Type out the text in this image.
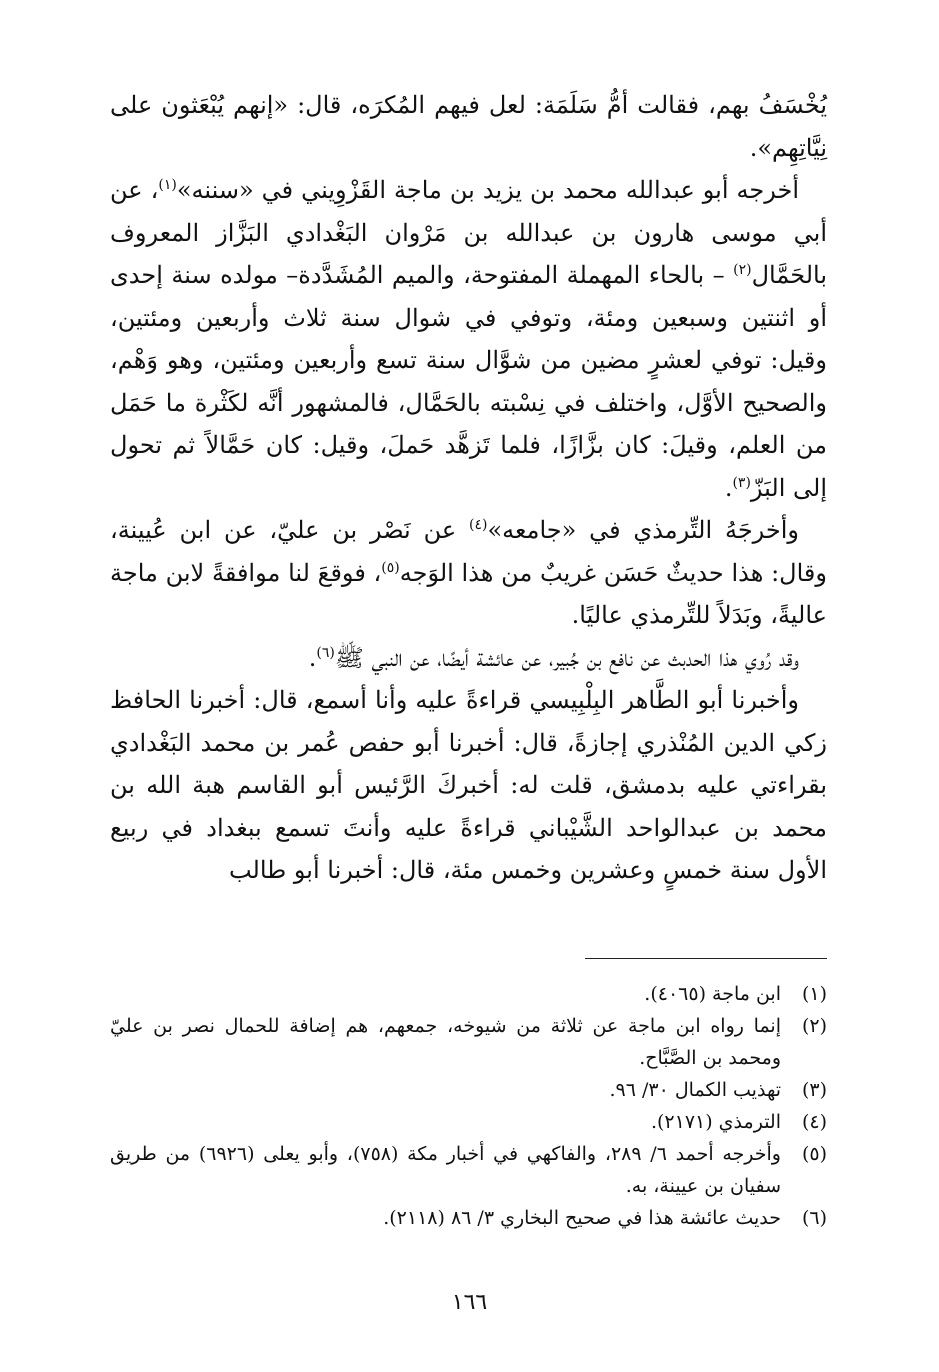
يُخْسَفُ بهم، فقالت أمُّ سَلَمَة: لعل فيهم المُكرَه، قال: «إنهم يُبْعَثون على نِيَّاتِهِم».

أخرجه أبو عبدالله محمد بن يزيد بن ماجة القَزْوِيني في «سننه»$^{(١)}$، عن أبي موسى هارون بن عبدالله بن مَرْوان البَغْدادي البَزَّاز المعروف بالحَمَّال$^{(٢)}$ – بالحاء المهملة المفتوحة، والميم المُشَدَّدة– مولده سنة إحدى أو اثنتين وسبعين ومئة، وتوفي في شوال سنة ثلاث وأربعين ومئتين، وقيل: توفي لعشرٍ مضين من شوَّال سنة تسع وأربعين ومئتين، وهو وَهْم، والصحيح الأوَّل، واختلف في نِسْبته بالحَمَّال، فالمشهور أنَّه لكَثْرة ما حَمَل من العلم، وقيلَ: كان بزَّازًا، فلما تَزهَّد حَملَ، وقيل: كان حَمَّالاً ثم تحول إلى البَزّ$^{(٣)}$.

وأخرجَهُ التِّرمذي في «جامعه»$^{(٤)}$ عن نَصْر بن عليّ، عن ابن عُيينة، وقال: هذا حديثٌ حَسَن غريبٌ من هذا الوَجه$^{(٥)}$، فوقعَ لنا موافقةً لابن ماجة عاليةً، وبَدَلاً للتِّرمذي عاليًا.

وقد رُوي هذا الحدبث عن نافع بن جُبير، عن عائشة أيضًا، عن النبي ﷺ$^{(٦)}$.

وأخبرنا أبو الطَّاهر البِلْبِيسي قراءةً عليه وأنا أسمع، قال: أخبرنا الحافظ زكي الدين المُنْذري إجازةً، قال: أخبرنا أبو حفص عُمر بن محمد البَغْدادي بقراءتي عليه بدمشق، قلت له: أخبركَ الرَّئيس أبو القاسم هبة الله بن محمد بن عبدالواحد الشَّيْباني قراءةً عليه وأنتَ تسمع ببغداد في ربيع الأول سنة خمسٍ وعشرين وخمس مئة، قال: أخبرنا أبو طالب

(١)
ابن ماجة (٤٠٦٥).
(٢)
إنما رواه ابن ماجة عن ثلاثة من شيوخه، جمعهم، هم إضافة للحمال نصر بن عليّ ومحمد بن الصَّبَّاح.
(٣)
تهذيب الكمال ٣٠/ ٩٦.
(٤)
الترمذي (٢١٧١).
(٥)
وأخرجه أحمد ٦/ ٢٨٩، والفاكهي في أخبار مكة (٧٥٨)، وأبو يعلى (٦٩٢٦) من طريق سفيان بن عيينة، به.
(٦)
حديث عائشة هذا في صحيح البخاري ٣/ ٨٦ (٢١١٨).
١٦٦
